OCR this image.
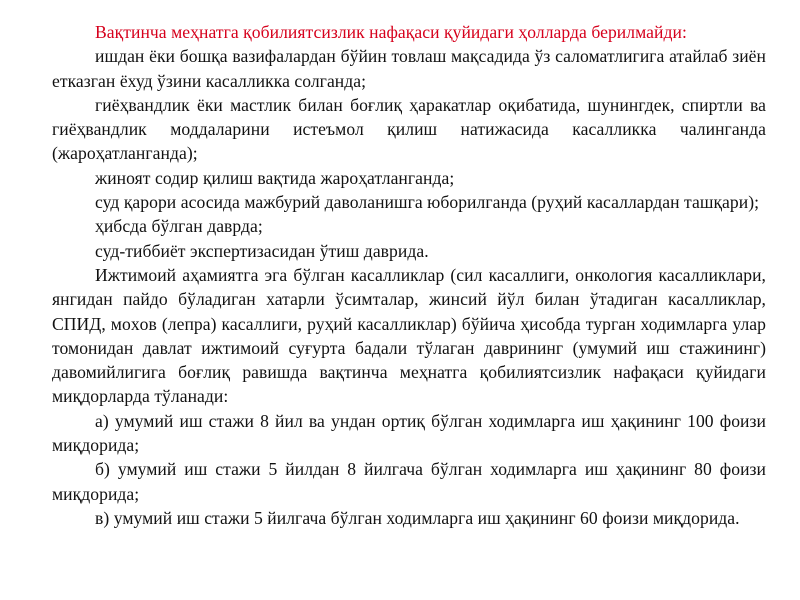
Вақтинча меҳнатга қобилиятсизлик нафақаси қуйидаги ҳолларда берилмайди:

ишдан ёки бошқа вазифалардан бўйин товлаш мақсадида ўз саломатлигига атайлаб зиён етказган ёхуд ўзини касалликка солганда;

гиёҳвандлик ёки мастлик билан боғлиқ ҳаракатлар оқибатида, шунингдек, спиртли ва гиёҳвандлик моддаларини истеъмол қилиш натижасида касалликка чалинганда (жароҳатланганда);

жиноят содир қилиш вақтида жароҳатланганда;

суд қарори асосида мажбурий даволанишга юборилганда (руҳий касаллардан ташқари);

ҳибсда бўлган даврда;

суд-тиббиёт экспертизасидан ўтиш даврида.

Ижтимоий аҳамиятга эга бўлган касалликлар (сил касаллиги, онкология касалликлари, янгидан пайдо бўладиган хатарли ўсимталар, жинсий йўл билан ўтадиган касалликлар, СПИД, моxов (лепра) касаллиги, руҳий касалликлар) бўйича ҳисобда турган ходимларга улар томонидан давлат ижтимоий суғурта бадали тўлаган даврининг (умумий иш стажининг) давомийлигига боғлиқ равишда вақтинча меҳнатга қобилиятсизлик нафақаси қуйидаги миқдорларда тўланади:

а) умумий иш стажи 8 йил ва ундан ортиқ бўлган ходимларга иш ҳақининг 100 фоизи миқдорида;

б) умумий иш стажи 5 йилдан 8 йилгача бўлган ходимларга иш ҳақининг 80 фоизи миқдорида;

в) умумий иш стажи 5 йилгача бўлган ходимларга иш ҳақининг 60 фоизи миқдорида.
